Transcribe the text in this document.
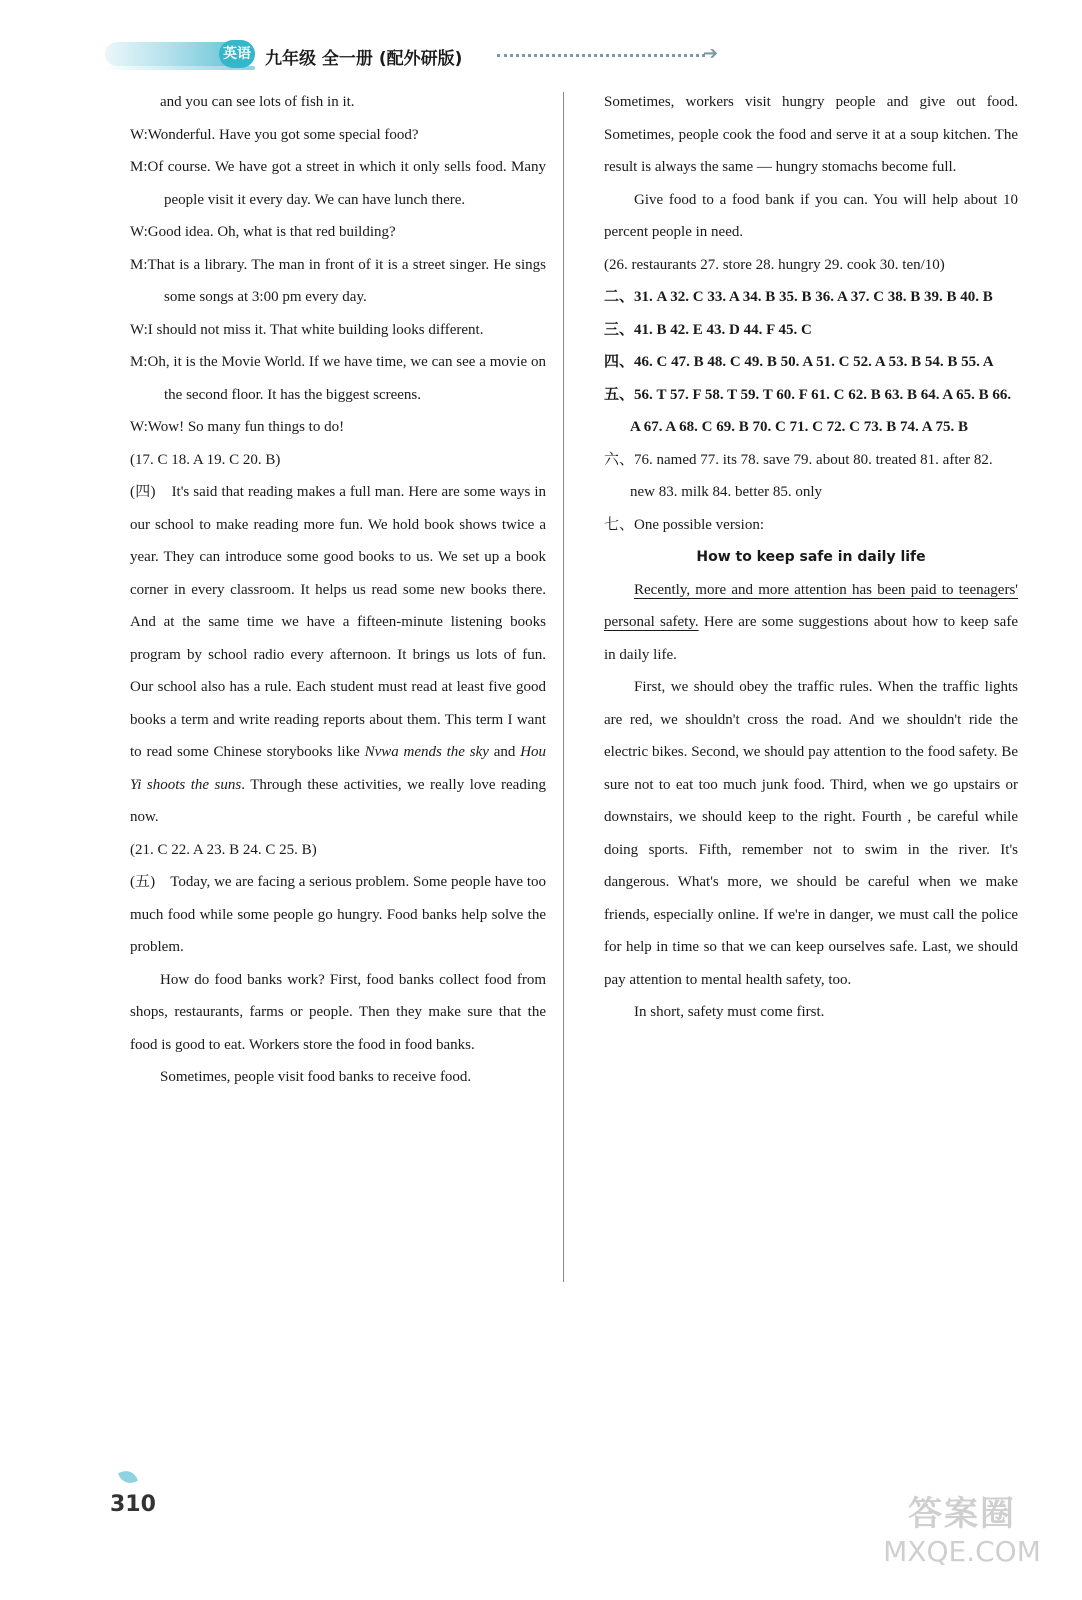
英语 九年级 全一册 (配外研版)	➔

and you can see lots of fish in it.

W:Wonderful. Have you got some special food?

M:Of course. We have got a street in which it only sells food. Many people visit it every day. We can have lunch there.

W:Good idea. Oh, what is that red building?

M:That is a library. The man in front of it is a street singer. He sings some songs at 3:00 pm every day.

W:I should not miss it. That white building looks different.

M:Oh, it is the Movie World. If we have time, we can see a movie on the second floor. It has the biggest screens.

W:Wow! So many fun things to do!

(17. C 18. A 19. C 20. B)

(四) It's said that reading makes a full man. Here are some ways in our school to make reading more fun. We hold book shows twice a year. They can introduce some good books to us. We set up a book corner in every classroom. It helps us read some new books there. And at the same time we have a fifteen-minute listening books program by school radio every afternoon. It brings us lots of fun. Our school also has a rule. Each student must read at least five good books a term and write reading reports about them. This term I want to read some Chinese storybooks like Nvwa mends the sky and Hou Yi shoots the suns. Through these activities, we really love reading now.

(21. C 22. A 23. B 24. C 25. B)

(五) Today, we are facing a serious problem. Some people have too much food while some people go hungry. Food banks help solve the problem.

How do food banks work? First, food banks collect food from shops, restaurants, farms or people. Then they make sure that the food is good to eat. Workers store the food in food banks.

Sometimes, people visit food banks to receive food.

Sometimes, workers visit hungry people and give out food. Sometimes, people cook the food and serve it at a soup kitchen. The result is always the same — hungry stomachs become full.

Give food to a food bank if you can. You will help about 10 percent people in need.

(26. restaurants 27. store 28. hungry 29. cook 30. ten/10)

二、31. A 32. C 33. A 34. B 35. B 36. A 37. C 38. B 39. B 40. B

三、41. B 42. E 43. D 44. F 45. C

四、46. C 47. B 48. C 49. B 50. A 51. C 52. A 53. B 54. B 55. A

五、56. T 57. F 58. T 59. T 60. F 61. C 62. B 63. B 64. A 65. B 66. A 67. A 68. C 69. B 70. C 71. C 72. C 73. B 74. A 75. B

六、76. named 77. its 78. save 79. about 80. treated 81. after 82. new 83. milk 84. better 85. only

七、One possible version:

How to keep safe in daily life

Recently, more and more attention has been paid to teenagers' personal safety. Here are some suggestions about how to keep safe in daily life.

First, we should obey the traffic rules. When the traffic lights are red, we shouldn't cross the road. And we shouldn't ride the electric bikes. Second, we should pay attention to the food safety. Be sure not to eat too much junk food. Third, when we go upstairs or downstairs, we should keep to the right. Fourth , be careful while doing sports. Fifth, remember not to swim in the river. It's dangerous. What's more, we should be careful when we make friends, especially online. If we're in danger, we must call the police for help in time so that we can keep ourselves safe. Last, we should pay attention to mental health safety, too.

In short, safety must come first.

310	答案圈
MXQE.COM
